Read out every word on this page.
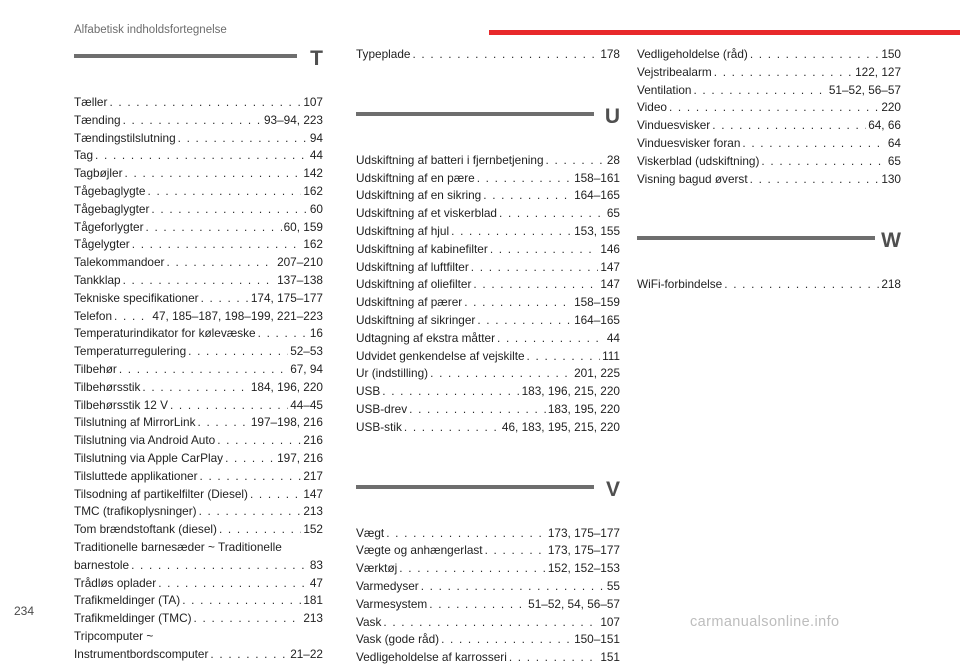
Alfabetisk indholdsfortegnelse
T
Tæller . . .	107
Tænding . . .	93–94, 223
Tændingstilslutning . . .	94
Tag . . .	44
Tagbøjler . . .	142
Tågebaglygte . . .	162
Tågebaglygter . . .	60
Tågeforlygter . . .	60, 159
Tågelygter . . .	162
Talekommandoer . . .	207–210
Tankklap . . .	137–138
Tekniske specifikationer . . .	174, 175–177
Telefon . . .	47, 185–187, 198–199, 221–223
Temperaturindikator for kølevæske . . .	16
Temperaturregulering . . .	52–53
Tilbehør . . .	67, 94
Tilbehørsstik . . .	184, 196, 220
Tilbehørsstik 12 V . . .	44–45
Tilslutning af MirrorLink . . .	197–198, 216
Tilslutning via Android Auto . . .	216
Tilslutning via Apple CarPlay . . .	197, 216
Tilsluttede applikationer . . .	217
Tilsodning af partikelfilter (Diesel) . . .	147
TMC (trafikoplysninger) . . .	213
Tom brændstoftank (diesel) . . .	152
Traditionelle barnesæder ~ Traditionelle
barnestole . . .	83
Trådløs oplader . . .	47
Trafikmeldinger (TA) . . .	181
Trafikmeldinger (TMC) . . .	213
Tripcomputer ~
Instrumentbordscomputer . . .	21–22
Typeplade . . .	178
U
Udskiftning af batteri i fjernbetjening . . .	28
Udskiftning af en pære . . .	158–161
Udskiftning af en sikring . . .	164–165
Udskiftning af et viskerblad . . .	65
Udskiftning af hjul . . .	153, 155
Udskiftning af kabinefilter . . .	146
Udskiftning af luftfilter . . .	147
Udskiftning af oliefilter . . .	147
Udskiftning af pærer . . .	158–159
Udskiftning af sikringer . . .	164–165
Udtagning af ekstra måtter . . .	44
Udvidet genkendelse af vejskilte . . .	111
Ur (indstilling) . . .	201, 225
USB . . .	183, 196, 215, 220
USB-drev . . .	183, 195, 220
USB-stik . . .	46, 183, 195, 215, 220
V
Vægt . . .	173, 175–177
Vægte og anhængerlast . . .	173, 175–177
Værktøj . . .	152, 152–153
Varmedyser . . .	55
Varmesystem . . .	51–52, 54, 56–57
Vask . . .	107
Vask (gode råd) . . .	150–151
Vedligeholdelse af karrosseri . . .	151
Vedligeholdelse (råd) . . .	150
Vejstribealarm . . .	122, 127
Ventilation . . .	51–52, 56–57
Video . . .	220
Vinduesvisker . . .	64, 66
Vinduesvisker foran . . .	64
Viskerblad (udskiftning) . . .	65
Visning bagud øverst . . .	130
W
WiFi-forbindelse . . .	218
234
carmanualsonline.info
